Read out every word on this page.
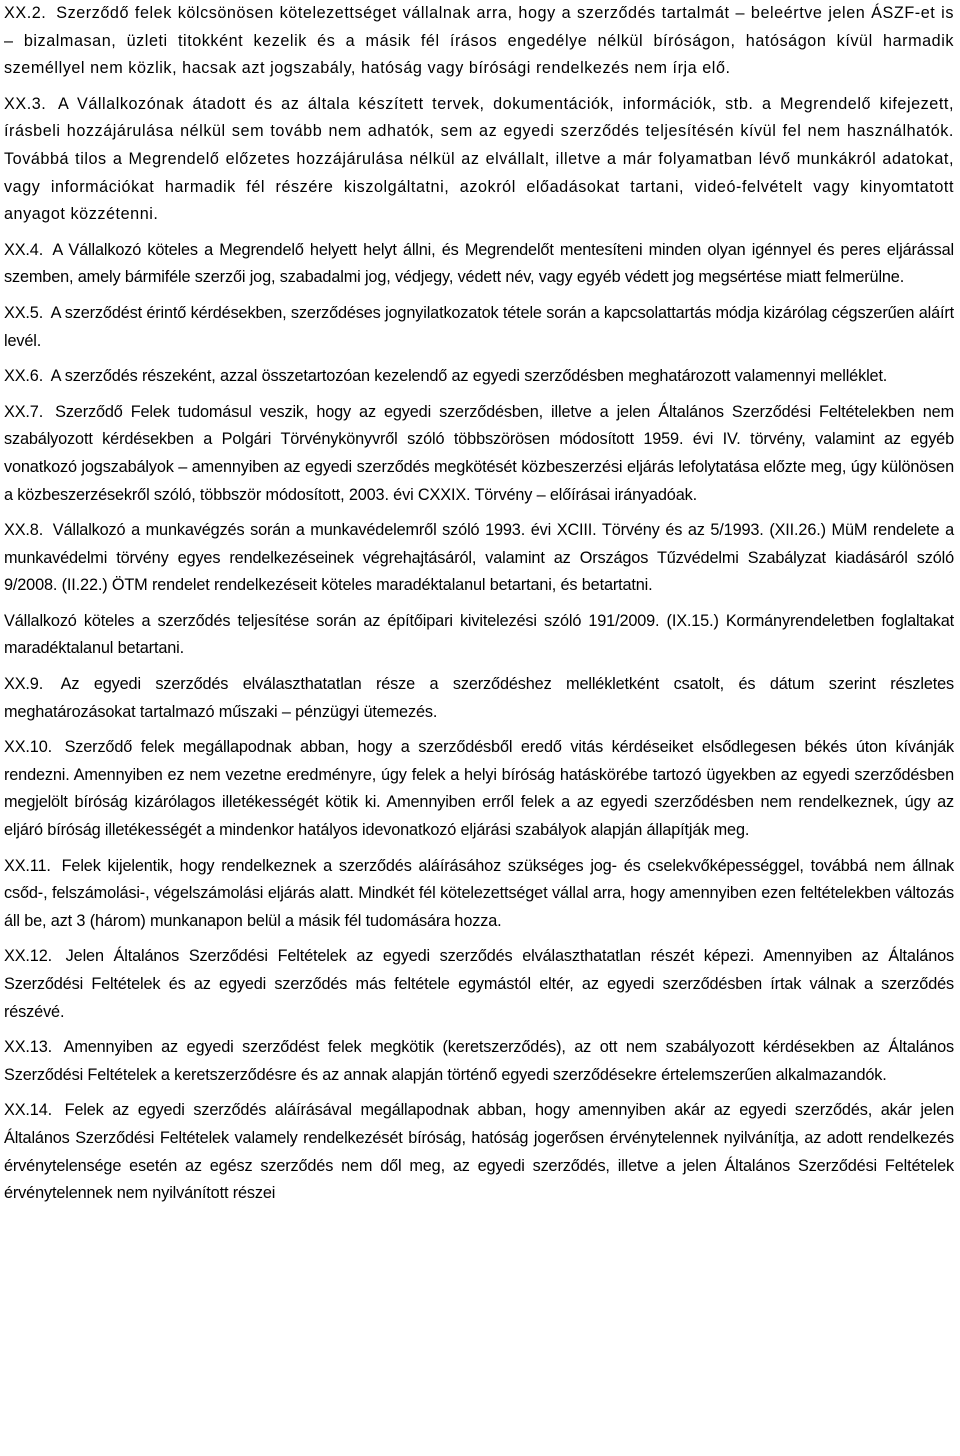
XX.2. Szerződő felek kölcsönösen kötelezettséget vállalnak arra, hogy a szerződés tartalmát – beleértve jelen ÁSZF-et is – bizalmasan, üzleti titokként kezelik és a másik fél írásos engedélye nélkül bíróságon, hatóságon kívül harmadik személlyel nem közlik, hacsak azt jogszabály, hatóság vagy bírósági rendelkezés nem írja elő.

XX.3. A Vállalkozónak átadott és az általa készített tervek, dokumentációk, információk, stb. a Megrendelő kifejezett, írásbeli hozzájárulása nélkül sem tovább nem adhatók, sem az egyedi szerződés teljesítésén kívül fel nem használhatók. Továbbá tilos a Megrendelő előzetes hozzájárulása nélkül az elvállalt, illetve a már folyamatban lévő munkákról adatokat, vagy információkat harmadik fél részére kiszolgáltatni, azokról előadásokat tartani, videó-felvételt vagy kinyomtatott anyagot közzétenni.

XX.4. A Vállalkozó köteles a Megrendelő helyett helyt állni, és Megrendelőt mentesíteni minden olyan igénnyel és peres eljárással szemben, amely bármiféle szerzői jog, szabadalmi jog, védjegy, védett név, vagy egyéb védett jog megsértése miatt felmerülne.

XX.5. A szerződést érintő kérdésekben, szerződéses jognyilatkozatok tétele során a kapcsolattartás módja kizárólag cégszerűen aláírt levél.

XX.6. A szerződés részeként, azzal összetartozóan kezelendő az egyedi szerződésben meghatározott valamennyi melléklet.

XX.7. Szerződő Felek tudomásul veszik, hogy az egyedi szerződésben, illetve a jelen Általános Szerződési Feltételekben nem szabályozott kérdésekben a Polgári Törvénykönyvről szóló többszörösen módosított 1959. évi IV. törvény, valamint az egyéb vonatkozó jogszabályok – amennyiben az egyedi szerződés megkötését közbeszerzési eljárás lefolytatása előzte meg, úgy különösen a közbeszerzésekről szóló, többször módosított, 2003. évi CXXIX. Törvény – előírásai irányadóak.

XX.8. Vállalkozó a munkavégzés során a munkavédelemről szóló 1993. évi XCIII. Törvény és az 5/1993. (XII.26.) MüM rendelete a munkavédelmi törvény egyes rendelkezéseinek végrehajtásáról, valamint az Országos Tűzvédelmi Szabályzat kiadásáról szóló 9/2008. (II.22.) ÖTM rendelet rendelkezéseit köteles maradéktalanul betartani, és betartatni.

Vállalkozó köteles a szerződés teljesítése során az építőipari kivitelezési szóló 191/2009. (IX.15.) Kormányrendeletben foglaltakat maradéktalanul betartani.

XX.9. Az egyedi szerződés elválaszthatatlan része a szerződéshez mellékletként csatolt, és dátum szerint részletes meghatározásokat tartalmazó műszaki – pénzügyi ütemezés.

XX.10. Szerződő felek megállapodnak abban, hogy a szerződésből eredő vitás kérdéseiket elsődlegesen békés úton kívánják rendezni. Amennyiben ez nem vezetne eredményre, úgy felek a helyi bíróság hatáskörébe tartozó ügyekben az egyedi szerződésben megjelölt bíróság kizárólagos illetékességét kötik ki. Amennyiben erről felek a az egyedi szerződésben nem rendelkeznek, úgy az eljáró bíróság illetékességét a mindenkor hatályos idevonatkozó eljárási szabályok alapján állapítják meg.

XX.11. Felek kijelentik, hogy rendelkeznek a szerződés aláírásához szükséges jog- és cselekvőképességgel, továbbá nem állnak csőd-, felszámolási-, végelszámolási eljárás alatt. Mindkét fél kötelezettséget vállal arra, hogy amennyiben ezen feltételekben változás áll be, azt 3 (három) munkanapon belül a másik fél tudomására hozza.

XX.12. Jelen Általános Szerződési Feltételek az egyedi szerződés elválaszthatatlan részét képezi. Amennyiben az Általános Szerződési Feltételek és az egyedi szerződés más feltétele egymástól eltér, az egyedi szerződésben írtak válnak a szerződés részévé.

XX.13. Amennyiben az egyedi szerződést felek megkötik (keretszerződés), az ott nem szabályozott kérdésekben az Általános Szerződési Feltételek a keretszerződésre és az annak alapján történő egyedi szerződésekre értelemszerűen alkalmazandók.

XX.14. Felek az egyedi szerződés aláírásával megállapodnak abban, hogy amennyiben akár az egyedi szerződés, akár jelen Általános Szerződési Feltételek valamely rendelkezését bíróság, hatóság jogerősen érvénytelennek nyilvánítja, az adott rendelkezés érvénytelensége esetén az egész szerződés nem dől meg, az egyedi szerződés, illetve a jelen Általános Szerződési Feltételek érvénytelennek nem nyilvánított részei
